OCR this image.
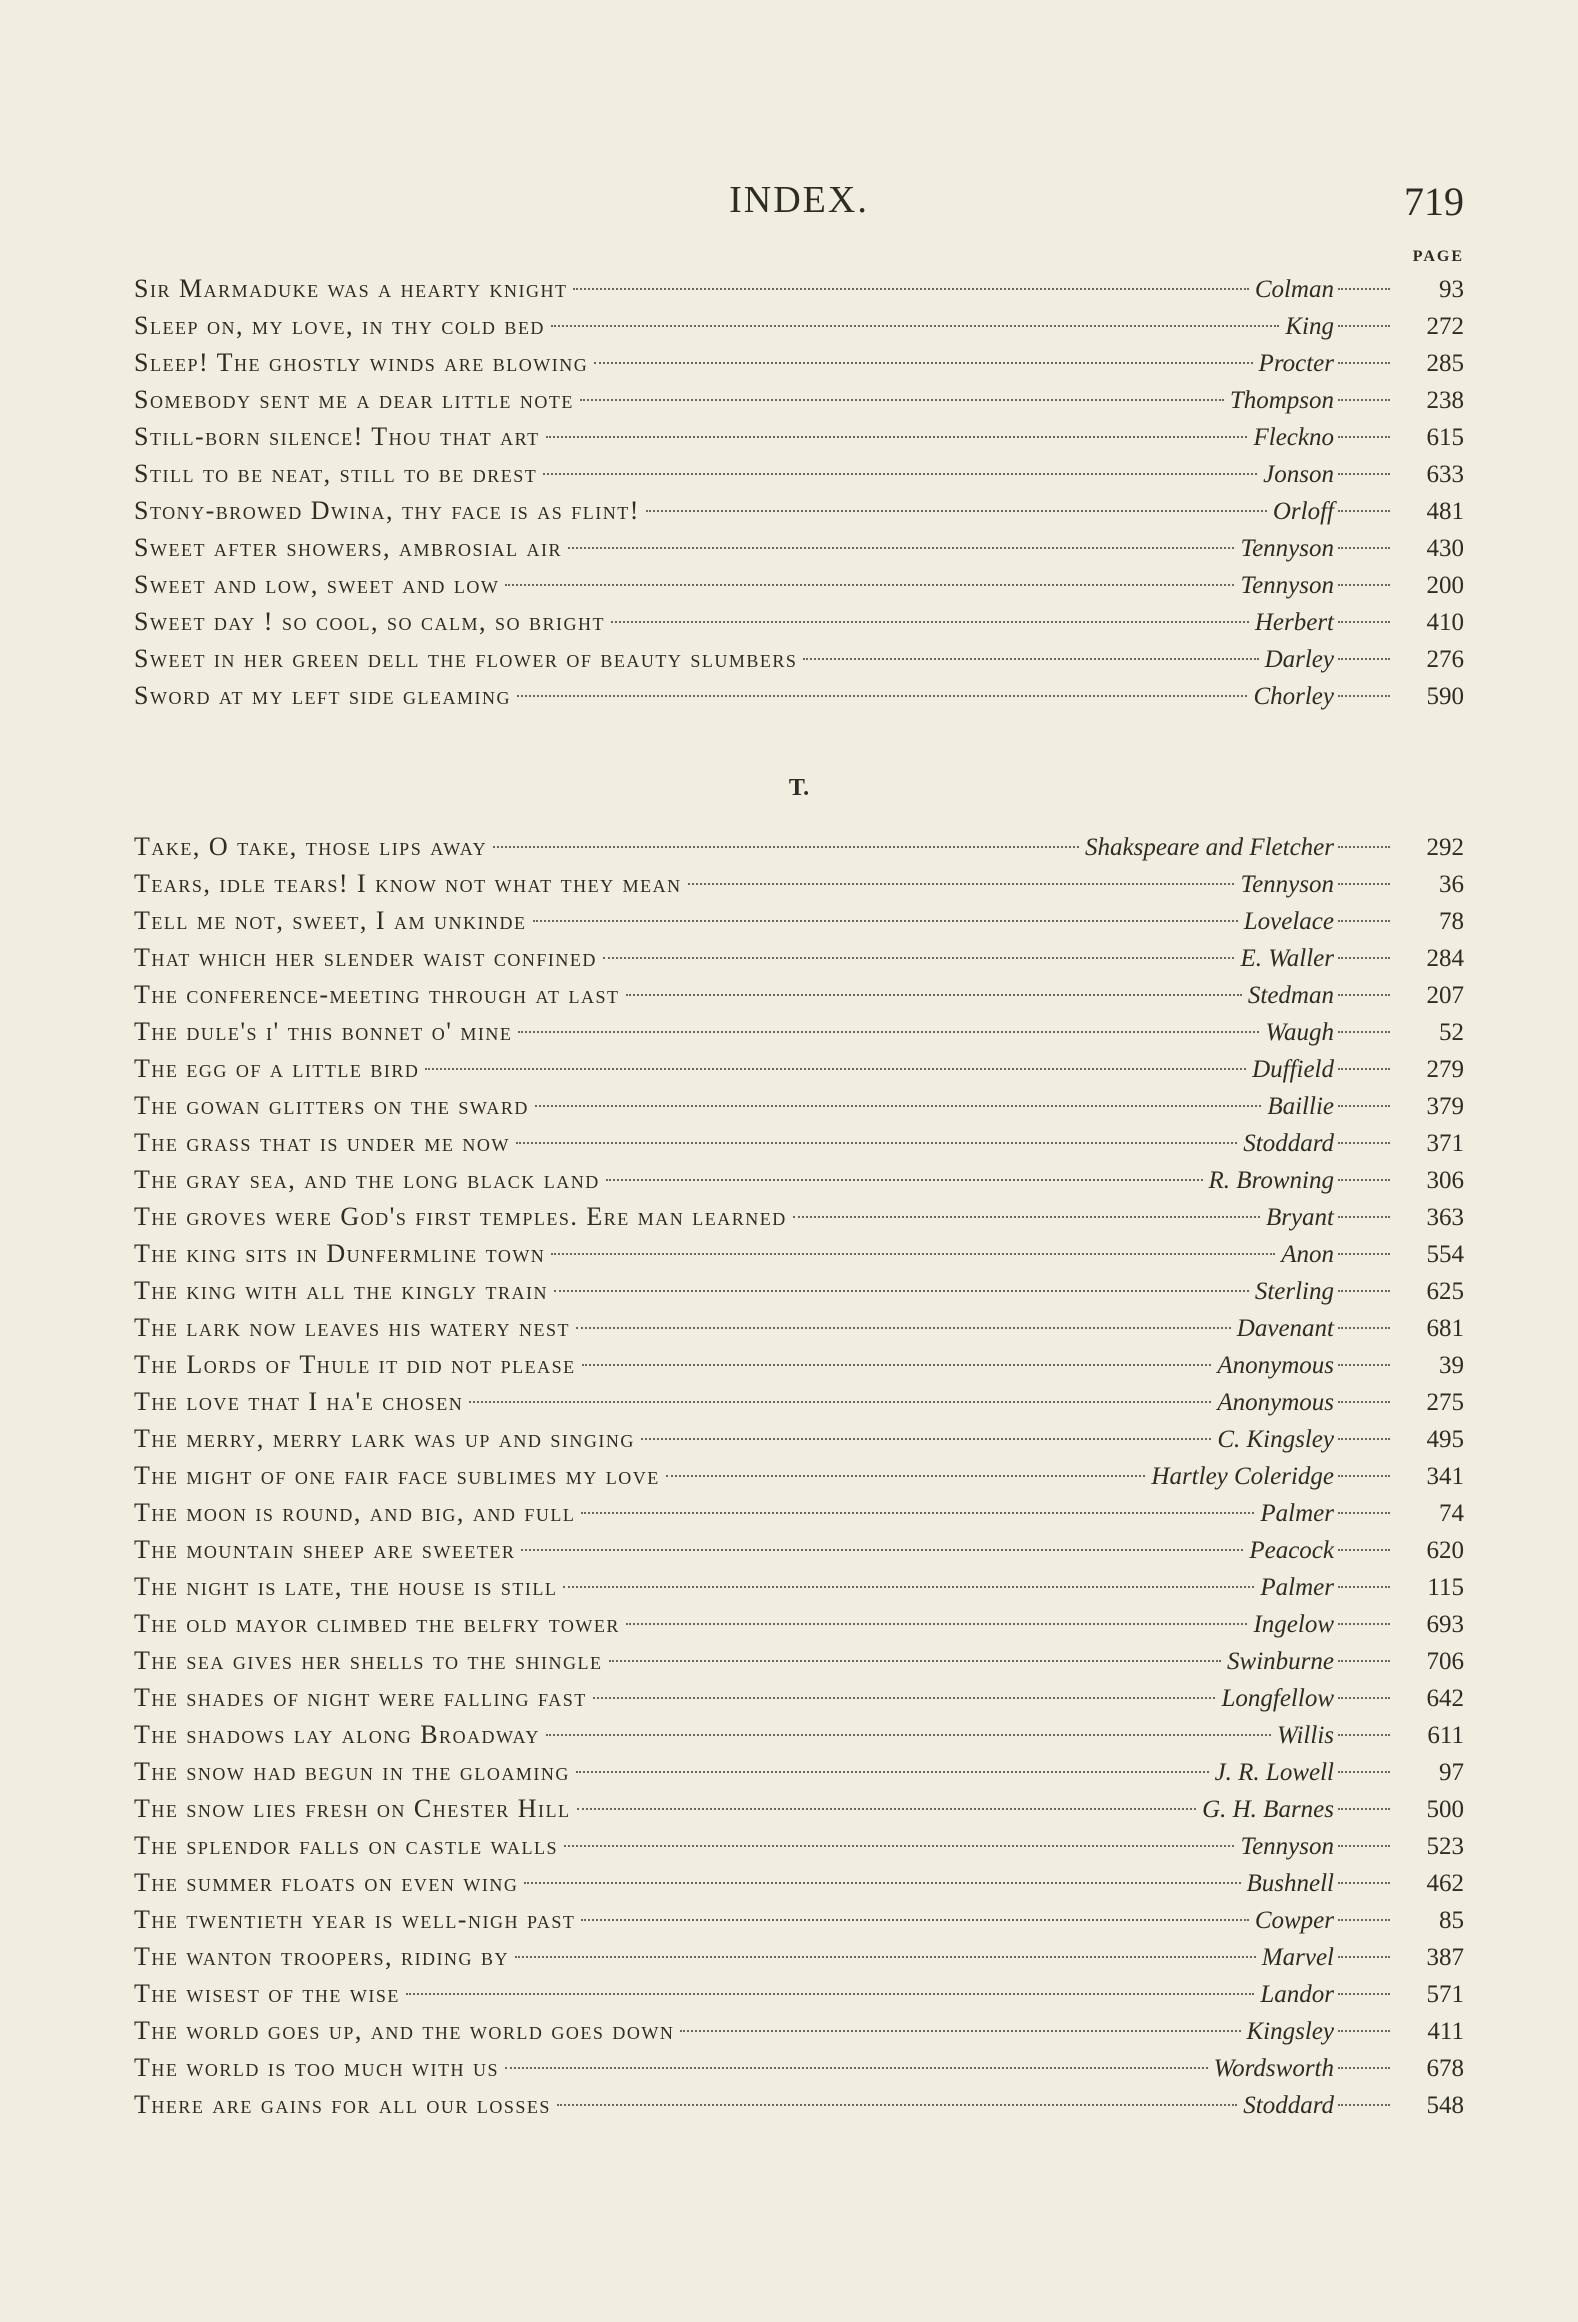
INDEX.	719
PAGE
Sir Marmaduke was a hearty knight	Colman	93
Sleep on, my love, in thy cold bed	King	272
Sleep! The ghostly winds are blowing	Procter	285
Somebody sent me a dear little note	Thompson	238
Still-born silence! Thou that art	Fleckno	615
Still to be neat, still to be drest	Jonson	633
Stony-browed Dwina, thy face is as flint!	Orloff	481
Sweet after showers, ambrosial air	Tennyson	430
Sweet and low, sweet and low	Tennyson	200
Sweet day ! so cool, so calm, so bright	Herbert	410
Sweet in her green dell the flower of beauty slumbers	Darley	276
Sword at my left side gleaming	Chorley	590
T.
Take, O take, those lips away	Shakspeare and Fletcher	292
Tears, idle tears! I know not what they mean	Tennyson	36
Tell me not, sweet, I am unkinde	Lovelace	78
That which her slender waist confined	E. Waller	284
The conference-meeting through at last	Stedman	207
The dule's i' this bonnet o' mine	Waugh	52
The egg of a little bird	Duffield	279
The gowan glitters on the sward	Baillie	379
The grass that is under me now	Stoddard	371
The gray sea, and the long black land	R. Browning	306
The groves were God's first temples. Ere man learned	Bryant	363
The king sits in Dunfermline town	Anon	554
The king with all the kingly train	Sterling	625
The lark now leaves his watery nest	Davenant	681
The Lords of Thule it did not please	Anonymous	39
The love that I ha'e chosen	Anonymous	275
The merry, merry lark was up and singing	C. Kingsley	495
The might of one fair face sublimes my love	Hartley Coleridge	341
The moon is round, and big, and full	Palmer	74
The mountain sheep are sweeter	Peacock	620
The night is late, the house is still	Palmer	115
The old mayor climbed the belfry tower	Ingelow	693
The sea gives her shells to the shingle	Swinburne	706
The shades of night were falling fast	Longfellow	642
The shadows lay along Broadway	Willis	611
The snow had begun in the gloaming	J. R. Lowell	97
The snow lies fresh on Chester Hill	G. H. Barnes	500
The splendor falls on castle walls	Tennyson	523
The summer floats on even wing	Bushnell	462
The twentieth year is well-nigh past	Cowper	85
The wanton troopers, riding by	Marvel	387
The wisest of the wise	Landor	571
The world goes up, and the world goes down	Kingsley	411
The world is too much with us	Wordsworth	678
There are gains for all our losses	Stoddard	548
